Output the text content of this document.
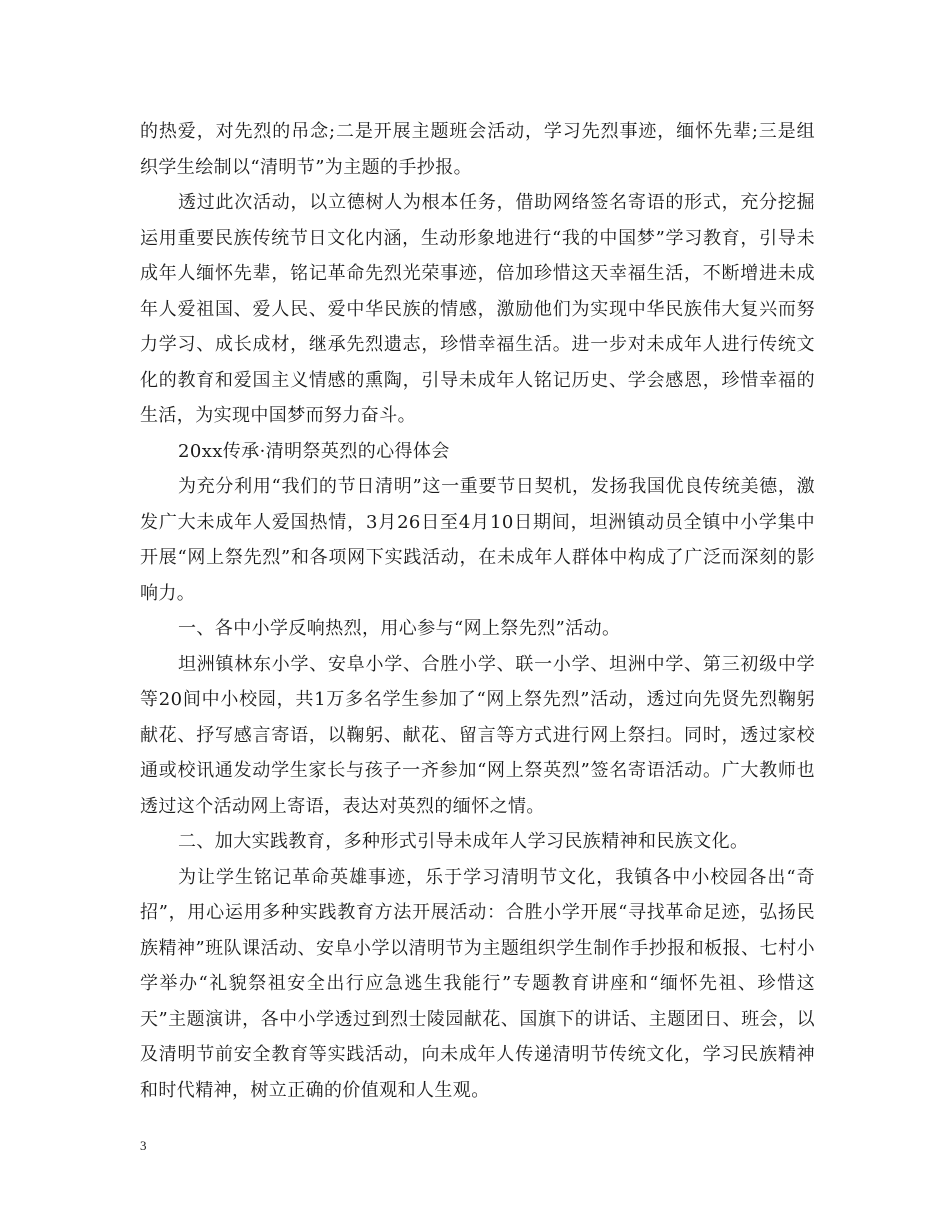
的热爱，对先烈的吊念;二是开展主题班会活动，学习先烈事迹，缅怀先辈;三是组织学生绘制以“清明节”为主题的手抄报。

透过此次活动，以立德树人为根本任务，借助网络签名寄语的形式，充分挖掘运用重要民族传统节日文化内涵，生动形象地进行“我的中国梦”学习教育，引导未成年人缅怀先辈，铭记革命先烈光荣事迹，倍加珍惜这天幸福生活，不断增进未成年人爱祖国、爱人民、爱中华民族的情感，激励他们为实现中华民族伟大复兴而努力学习、成长成材，继承先烈遗志，珍惜幸福生活。进一步对未成年人进行传统文化的教育和爱国主义情感的熏陶，引导未成年人铭记历史、学会感恩，珍惜幸福的生活，为实现中国梦而努力奋斗。

20xx传承·清明祭英烈的心得体会

为充分利用“我们的节日清明”这一重要节日契机，发扬我国优良传统美德，激发广大未成年人爱国热情，3月26日至4月10日期间，坦洲镇动员全镇中小学集中开展“网上祭先烈”和各项网下实践活动，在未成年人群体中构成了广泛而深刻的影响力。

一、各中小学反响热烈，用心参与“网上祭先烈”活动。

坦洲镇林东小学、安阜小学、合胜小学、联一小学、坦洲中学、第三初级中学等20间中小校园，共1万多名学生参加了“网上祭先烈”活动，透过向先贤先烈鞠躬献花、抒写感言寄语，以鞠躬、献花、留言等方式进行网上祭扫。同时，透过家校通或校讯通发动学生家长与孩子一齐参加“网上祭英烈”签名寄语活动。广大教师也透过这个活动网上寄语，表达对英烈的缅怀之情。

二、加大实践教育，多种形式引导未成年人学习民族精神和民族文化。

为让学生铭记革命英雄事迹，乐于学习清明节文化，我镇各中小校园各出“奇招”，用心运用多种实践教育方法开展活动：合胜小学开展“寻找革命足迹，弘扬民族精神”班队课活动、安阜小学以清明节为主题组织学生制作手抄报和板报、七村小学举办“礼貌祭祖安全出行应急逃生我能行”专题教育讲座和“缅怀先祖、珍惜这天”主题演讲，各中小学透过到烈士陵园献花、国旗下的讲话、主题团日、班会，以及清明节前安全教育等实践活动，向未成年人传递清明节传统文化，学习民族精神和时代精神，树立正确的价值观和人生观。

3
